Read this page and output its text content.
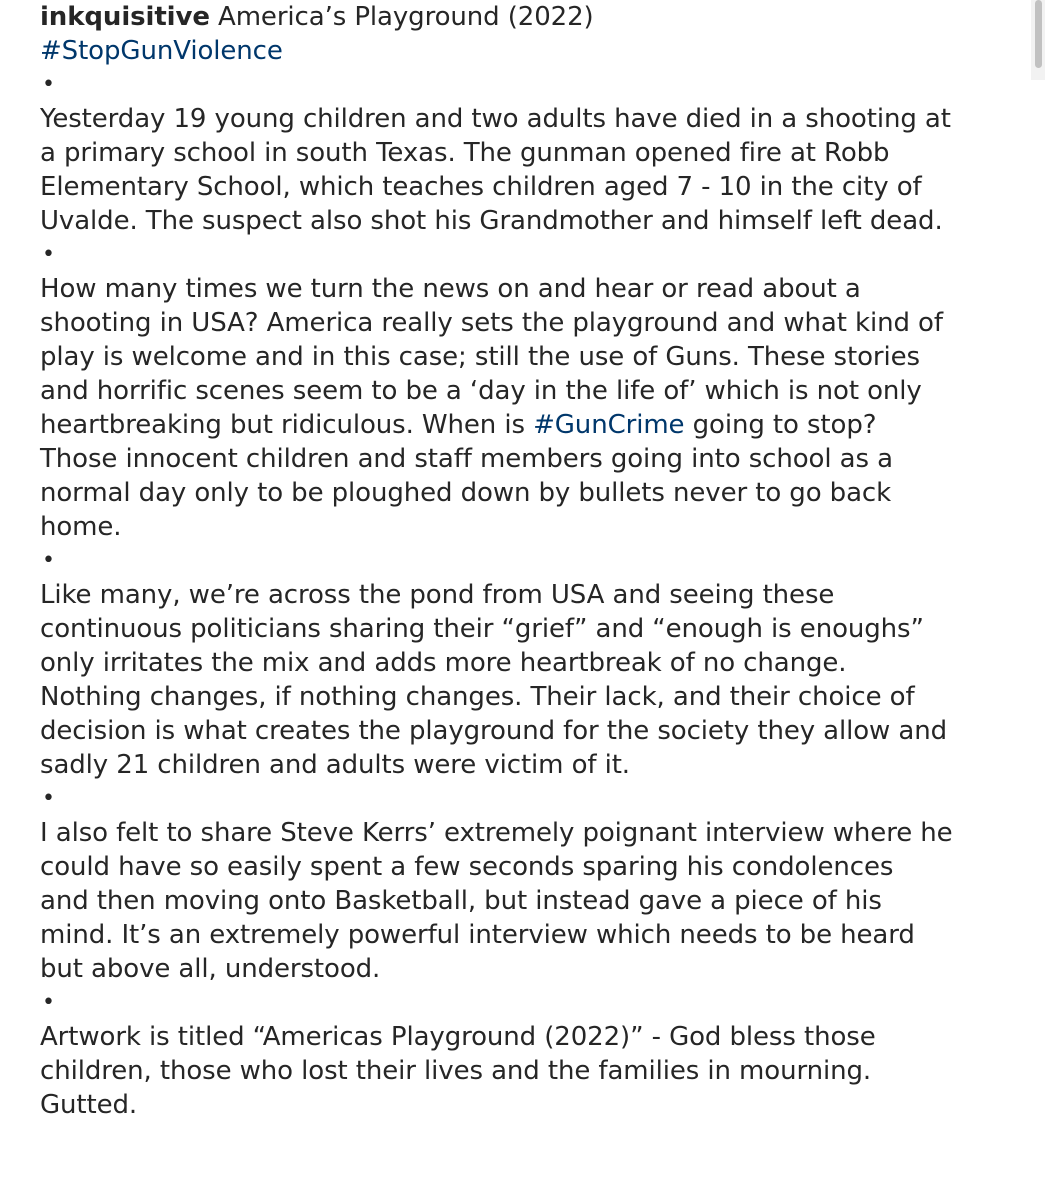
inkquisitive America’s Playground (2022)

#StopGunViolence

•

Yesterday 19 young children and two adults have died in a shooting at

a primary school in south Texas. The gunman opened fire at Robb

Elementary School, which teaches children aged 7 - 10 in the city of

Uvalde. The suspect also shot his Grandmother and himself left dead.

•

How many times we turn the news on and hear or read about a

shooting in USA? America really sets the playground and what kind of

play is welcome and in this case; still the use of Guns. These stories

and horrific scenes seem to be a ‘day in the life of’ which is not only

heartbreaking but ridiculous. When is #GunCrime going to stop?

Those innocent children and staff members going into school as a

normal day only to be ploughed down by bullets never to go back

home.

•

Like many, we’re across the pond from USA and seeing these

continuous politicians sharing their “grief” and “enough is enoughs”

only irritates the mix and adds more heartbreak of no change.

Nothing changes, if nothing changes. Their lack, and their choice of

decision is what creates the playground for the society they allow and

sadly 21 children and adults were victim of it.

•

I also felt to share Steve Kerrs’ extremely poignant interview where he

could have so easily spent a few seconds sparing his condolences

and then moving onto Basketball, but instead gave a piece of his

mind. It’s an extremely powerful interview which needs to be heard

but above all, understood.

•

Artwork is titled “Americas Playground (2022)” - God bless those

children, those who lost their lives and the families in mourning.

Gutted.
